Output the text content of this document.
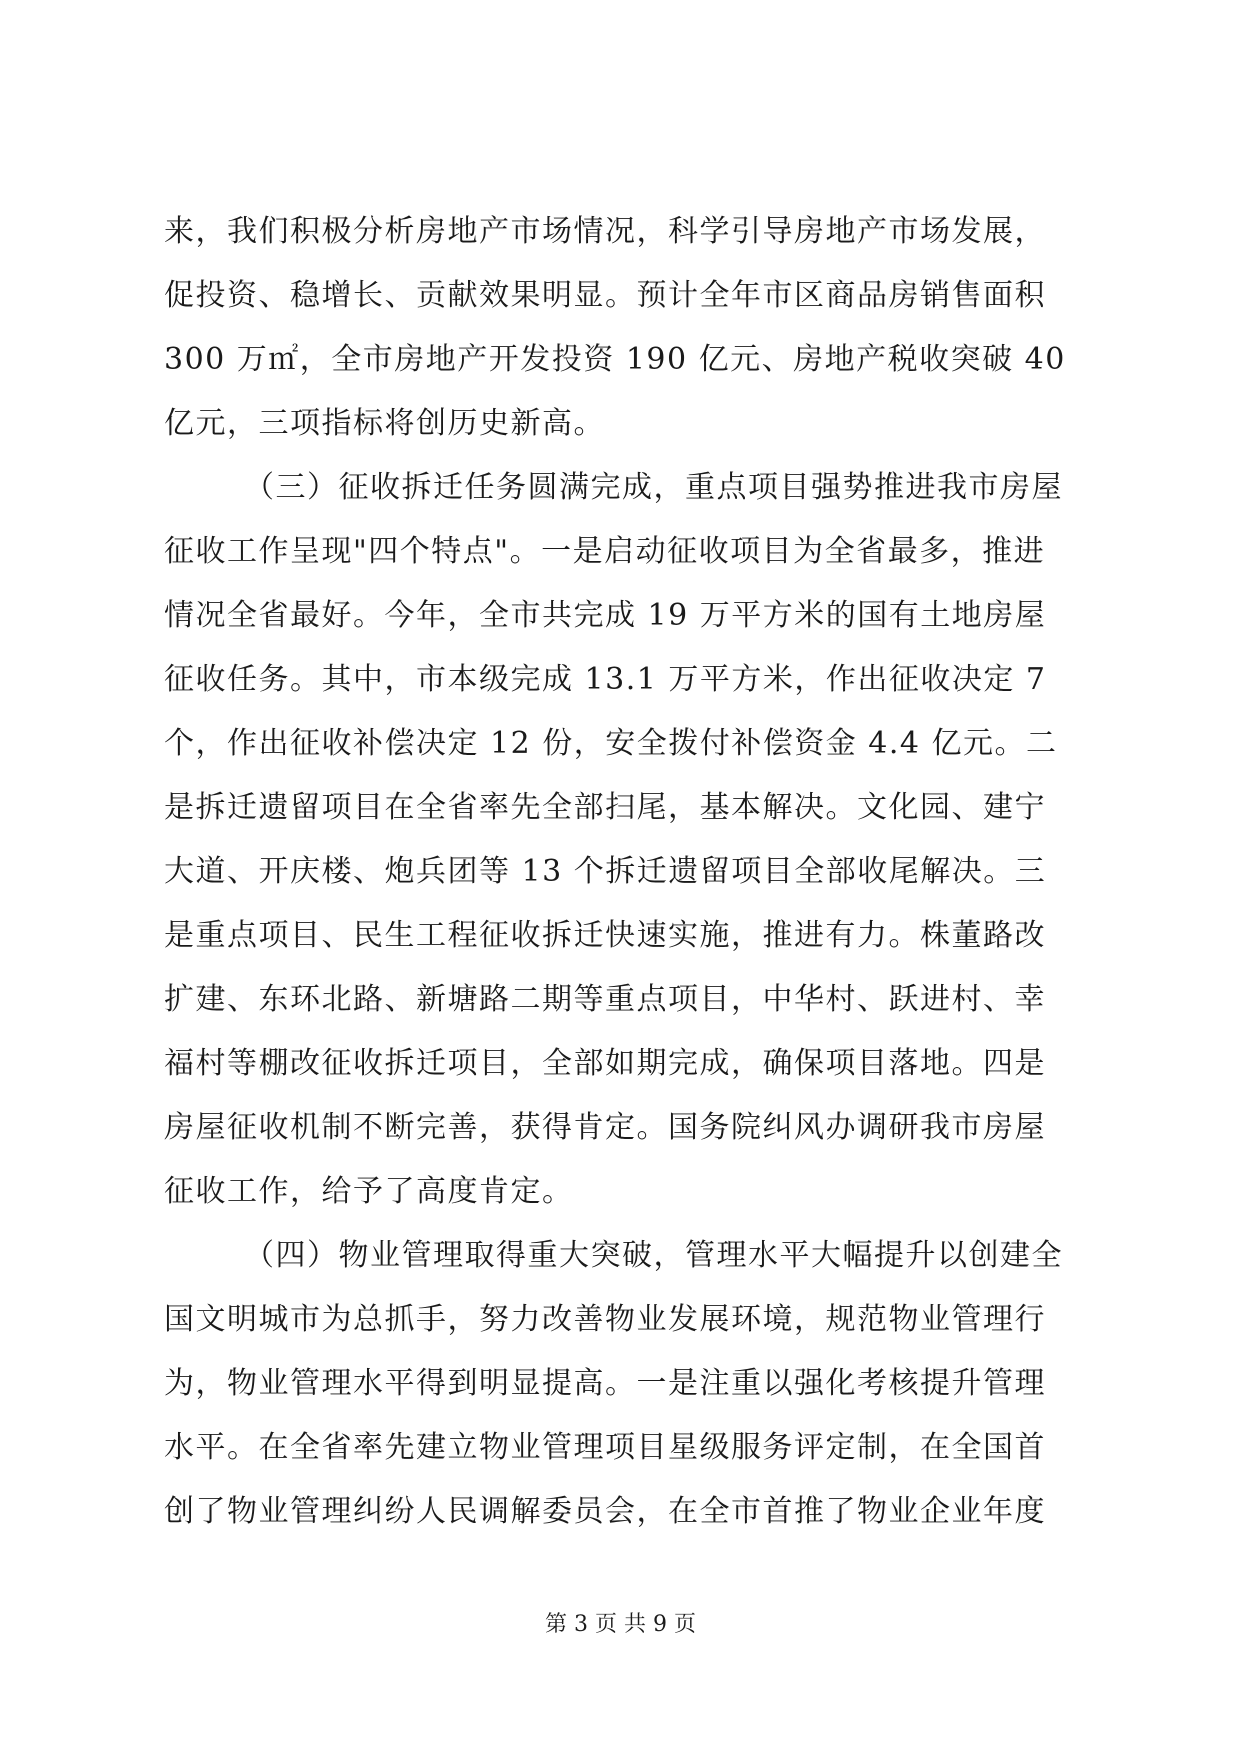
来，我们积极分析房地产市场情况，科学引导房地产市场发展，
促投资、稳增长、贡献效果明显。预计全年市区商品房销售面积
300 万㎡，全市房地产开发投资 190 亿元、房地产税收突破 40
亿元，三项指标将创历史新高。
（三）征收拆迁任务圆满完成，重点项目强势推进我市房屋
征收工作呈现"四个特点"。一是启动征收项目为全省最多，推进
情况全省最好。今年，全市共完成 19 万平方米的国有土地房屋
征收任务。其中，市本级完成 13.1 万平方米，作出征收决定 7
个，作出征收补偿决定 12 份，安全拨付补偿资金 4.4 亿元。二
是拆迁遗留项目在全省率先全部扫尾，基本解决。文化园、建宁
大道、开庆楼、炮兵团等 13 个拆迁遗留项目全部收尾解决。三
是重点项目、民生工程征收拆迁快速实施，推进有力。株董路改
扩建、东环北路、新塘路二期等重点项目，中华村、跃进村、幸
福村等棚改征收拆迁项目，全部如期完成，确保项目落地。四是
房屋征收机制不断完善，获得肯定。国务院纠风办调研我市房屋
征收工作，给予了高度肯定。
（四）物业管理取得重大突破，管理水平大幅提升以创建全
国文明城市为总抓手，努力改善物业发展环境，规范物业管理行
为，物业管理水平得到明显提高。一是注重以强化考核提升管理
水平。在全省率先建立物业管理项目星级服务评定制，在全国首
创了物业管理纠纷人民调解委员会，在全市首推了物业企业年度
第 3 页 共 9 页
